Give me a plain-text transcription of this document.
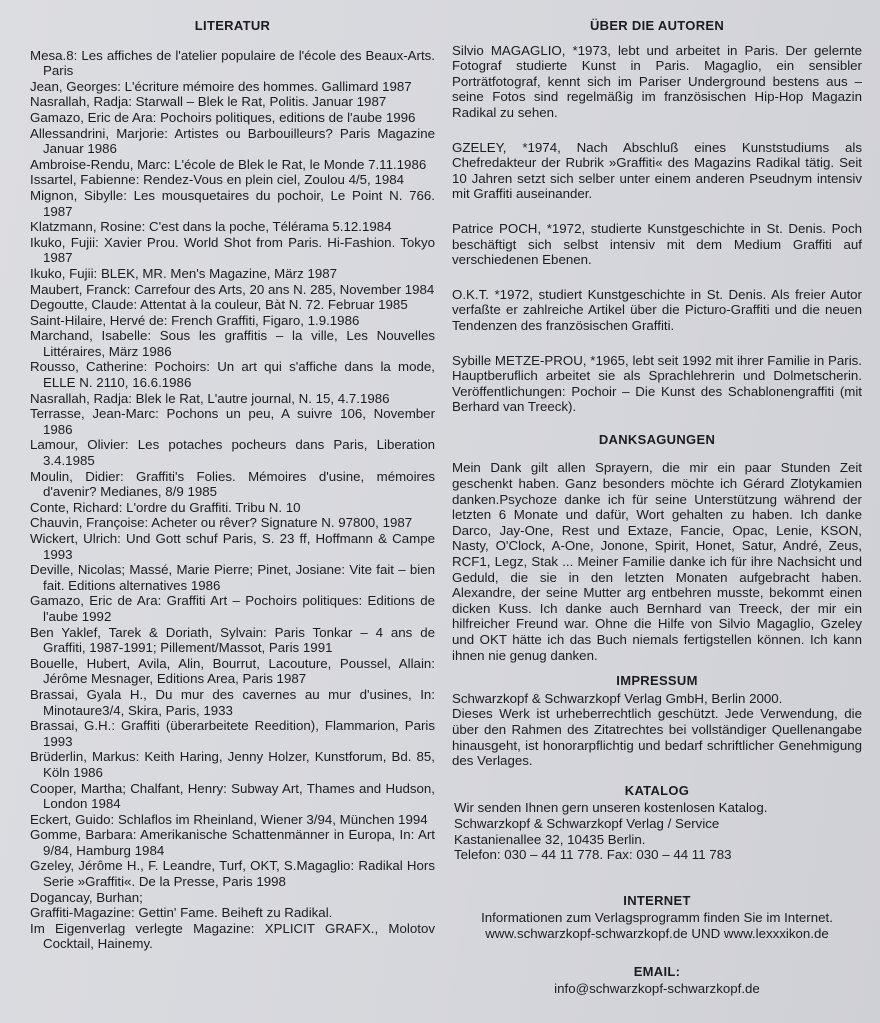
LITERATUR

Mesa.8: Les affiches de l'atelier populaire de l'école des Beaux-Arts. Paris

Jean, Georges: L'écriture mémoire des hommes. Gallimard 1987

Nasrallah, Radja: Starwall – Blek le Rat, Politis. Januar 1987

Gamazo, Eric de Ara: Pochoirs politiques, editions de l'aube 1996

Allessandrini, Marjorie: Artistes ou Barbouilleurs? Paris Magazine Januar 1986

Ambroise-Rendu, Marc: L'école de Blek le Rat, le Monde 7.11.1986

Issartel, Fabienne: Rendez-Vous en plein ciel, Zoulou 4/5, 1984

Mignon, Sibylle: Les mousquetaires du pochoir, Le Point N. 766. 1987

Klatzmann, Rosine: C'est dans la poche, Télérama 5.12.1984

Ikuko, Fujii: Xavier Prou. World Shot from Paris. Hi-Fashion. Tokyo 1987

Ikuko, Fujii: BLEK, MR. Men's Magazine, März 1987

Maubert, Franck: Carrefour des Arts, 20 ans N. 285, November 1984

Degoutte, Claude: Attentat à la couleur, Bàt N. 72. Februar 1985

Saint-Hilaire, Hervé de: French Graffiti, Figaro, 1.9.1986

Marchand, Isabelle: Sous les graffitis – la ville, Les Nouvelles Littéraires, März 1986

Rousso, Catherine: Pochoirs: Un art qui s'affiche dans la mode, ELLE N. 2110, 16.6.1986

Nasrallah, Radja: Blek le Rat, L'autre journal, N. 15, 4.7.1986

Terrasse, Jean-Marc: Pochons un peu, A suivre 106, November 1986

Lamour, Olivier: Les potaches pocheurs dans Paris, Liberation 3.4.1985

Moulin, Didier: Graffiti's Folies. Mémoires d'usine, mémoires d'avenir? Medianes, 8/9 1985

Conte, Richard: L'ordre du Graffiti. Tribu N. 10

Chauvin, Françoise: Acheter ou rêver? Signature N. 97800, 1987

Wickert, Ulrich: Und Gott schuf Paris, S. 23 ff, Hoffmann & Campe 1993

Deville, Nicolas; Massé, Marie Pierre; Pinet, Josiane: Vite fait – bien fait. Editions alternatives 1986

Gamazo, Eric de Ara: Graffiti Art – Pochoirs politiques: Editions de l'aube 1992

Ben Yaklef, Tarek & Doriath, Sylvain: Paris Tonkar – 4 ans de Graffiti, 1987-1991; Pillement/Massot, Paris 1991

Bouelle, Hubert, Avila, Alin, Bourrut, Lacouture, Poussel, Allain: Jérôme Mesnager, Editions Area, Paris 1987

Brassai, Gyala H., Du mur des cavernes au mur d'usines, In: Minotaure3/4, Skira, Paris, 1933

Brassai, G.H.: Graffiti (überarbeitete Reedition), Flammarion, Paris 1993

Brüderlin, Markus: Keith Haring, Jenny Holzer, Kunstforum, Bd. 85, Köln 1986

Cooper, Martha; Chalfant, Henry: Subway Art, Thames and Hudson, London 1984

Eckert, Guido: Schlaflos im Rheinland, Wiener 3/94, München 1994

Gomme, Barbara: Amerikanische Schattenmänner in Europa, In: Art 9/84, Hamburg 1984

Gzeley, Jérôme H., F. Leandre, Turf, OKT, S.Magaglio: Radikal Hors Serie »Graffiti«. De la Presse, Paris 1998

Dogancay, Burhan;

Graffiti-Magazine: Gettin' Fame. Beiheft zu Radikal.

Im Eigenverlag verlegte Magazine: XPLICIT GRAFX., Molotov Cocktail, Hainemy.

ÜBER DIE AUTOREN

Silvio MAGAGLIO, *1973, lebt und arbeitet in Paris. Der gelernte Fotograf studierte Kunst in Paris. Magaglio, ein sensibler Porträtfotograf, kennt sich im Pariser Underground bestens aus – seine Fotos sind regelmäßig im französischen Hip-Hop Magazin Radikal zu sehen.

GZELEY, *1974, Nach Abschluß eines Kunststudiums als Chefredakteur der Rubrik »Graffiti« des Magazins Radikal tätig. Seit 10 Jahren setzt sich selber unter einem anderen Pseudnym intensiv mit Graffiti auseinander.

Patrice POCH, *1972, studierte Kunstgeschichte in St. Denis. Poch beschäftigt sich selbst intensiv mit dem Medium Graffiti auf verschiedenen Ebenen.

O.K.T. *1972, studiert Kunstgeschichte in St. Denis. Als freier Autor verfaßte er zahlreiche Artikel über die Picturo-Graffiti und die neuen Tendenzen des französischen Graffiti.

Sybille METZE-PROU, *1965, lebt seit 1992 mit ihrer Familie in Paris. Hauptberuflich arbeitet sie als Sprachlehrerin und Dolmetscherin. Veröffentlichungen: Pochoir – Die Kunst des Schablonengraffiti (mit Berhard van Treeck).

DANKSAGUNGEN

Mein Dank gilt allen Sprayern, die mir ein paar Stunden Zeit geschenkt haben. Ganz besonders möchte ich Gérard Zlotykamien danken.Psychoze danke ich für seine Unterstützung während der letzten 6 Monate und dafür, Wort gehalten zu haben. Ich danke Darco, Jay-One, Rest und Extaze, Fancie, Opac, Lenie, KSON, Nasty, O'Clock, A-One, Jonone, Spirit, Honet, Satur, André, Zeus, RCF1, Legz, Stak ... Meiner Familie danke ich für ihre Nachsicht und Geduld, die sie in den letzten Monaten aufgebracht haben. Alexandre, der seine Mutter arg entbehren musste, bekommt einen dicken Kuss. Ich danke auch Bernhard van Treeck, der mir ein hilfreicher Freund war. Ohne die Hilfe von Silvio Magaglio, Gzeley und OKT hätte ich das Buch niemals fertigstellen können. Ich kann ihnen nie genug danken.

IMPRESSUM

Schwarzkopf & Schwarzkopf Verlag GmbH, Berlin 2000.

Dieses Werk ist urheberrechtlich geschützt. Jede Verwendung, die über den Rahmen des Zitatrechtes bei vollständiger Quellenangabe hinausgeht, ist honorarpflichtig und bedarf schriftlicher Genehmigung des Verlages.

KATALOG

Wir senden Ihnen gern unseren kostenlosen Katalog.

Schwarzkopf & Schwarzkopf Verlag / Service

Kastanienallee 32, 10435 Berlin.

Telefon: 030 – 44 11 778. Fax: 030 – 44 11 783

INTERNET

Informationen zum Verlagsprogramm finden Sie im Internet.

www.schwarzkopf-schwarzkopf.de UND www.lexxxikon.de

EMAIL:

info@schwarzkopf-schwarzkopf.de
